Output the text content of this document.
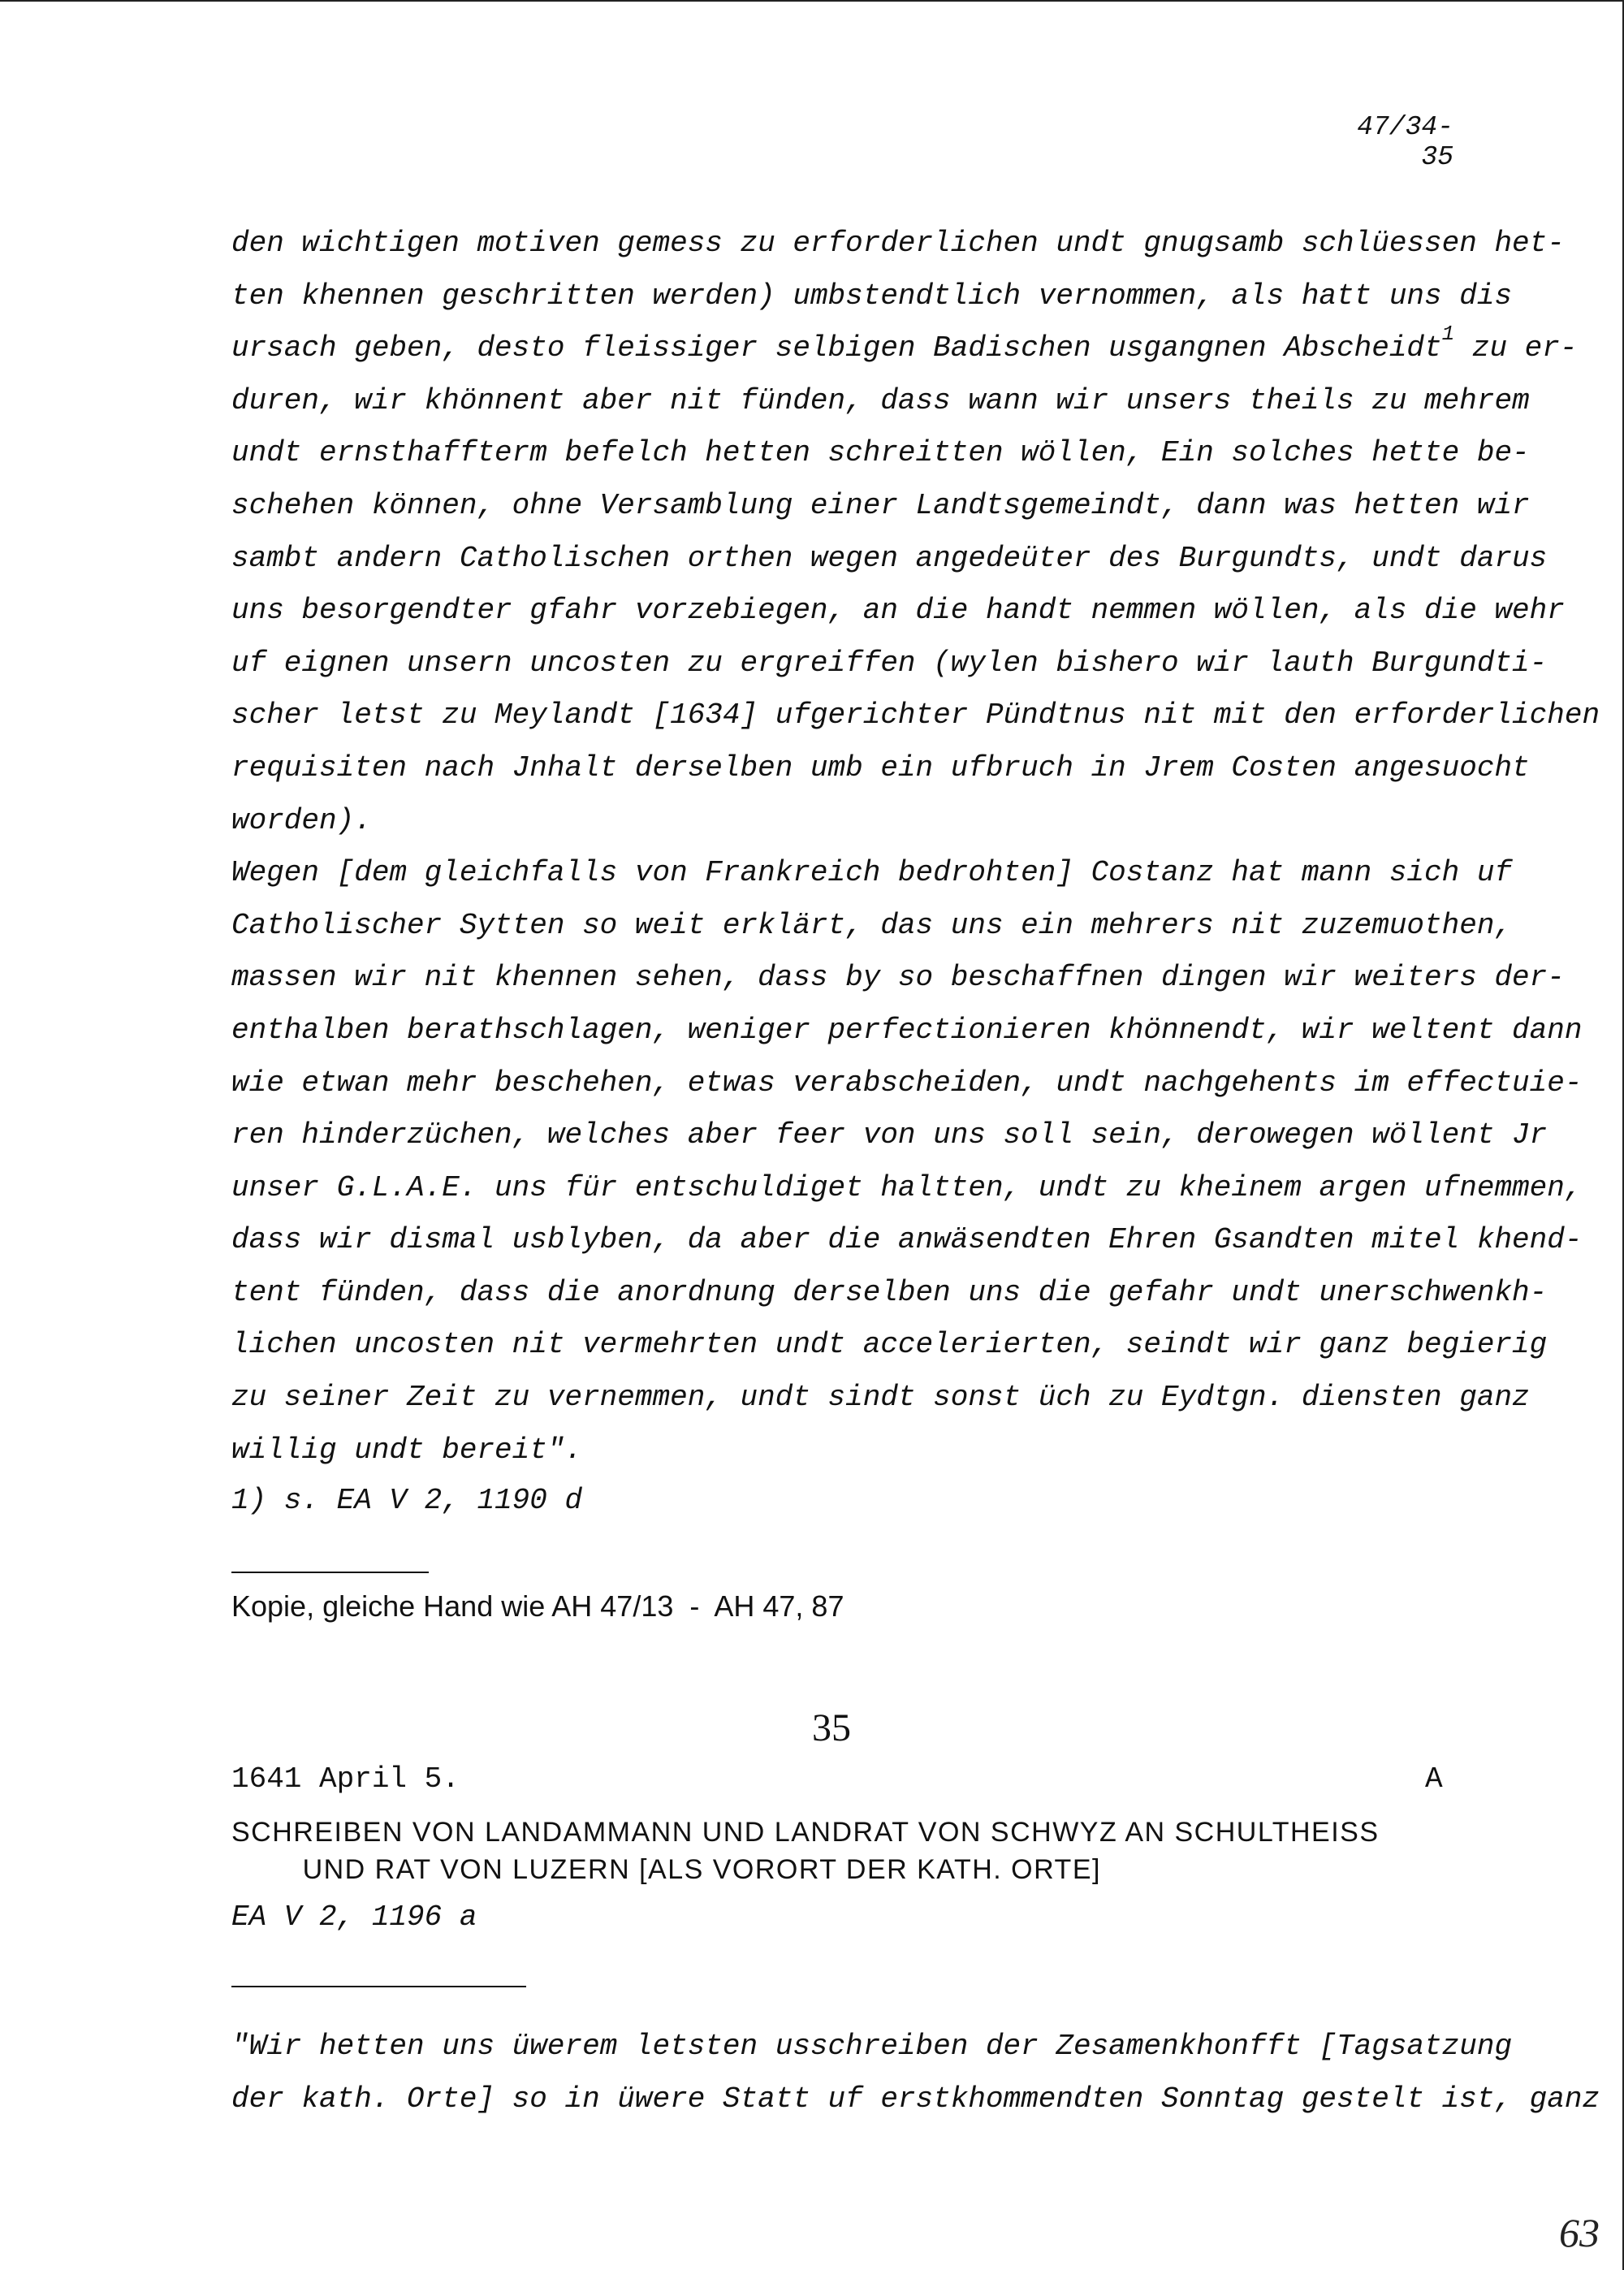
47/34-35
den wichtigen motiven gemess zu erforderlichen undt gnugsamb schlüessen het-
ten khennen geschritten werden) umbstendtlich vernommen, als hatt uns dis
ursach geben, desto fleissiger selbigen Badischen usgangnen Abscheidt$^1$ zu er-
duren, wir khönnent aber nit fünden, dass wann wir unsers theils zu mehrem
undt ernsthaffterm befelch hetten schreitten wöllen, Ein solches hette be-
schehen können, ohne Versamblung einer Landtsgemeindt, dann was hetten wir
sambt andern Catholischen orthen wegen angedeüter des Burgundts, undt darus
uns besorgendter gfahr vorzebiegen, an die handt nemmen wöllen, als die wehr
uf eignen unsern uncosten zu ergreiffen (wylen bishero wir lauth Burgundti-
scher letst zu Meylandt [1634] ufgerichter Pündtnus nit mit den erforderlichen
requisiten nach Jnhalt derselben umb ein ufbruch in Jrem Costen angesuocht
worden).
Wegen [dem gleichfalls von Frankreich bedrohten] Costanz hat mann sich uf
Catholischer Sytten so weit erklärt, das uns ein mehrers nit zuzemuothen,
massen wir nit khennen sehen, dass by so beschaffnen dingen wir weiters der-
enthalben berathschlagen, weniger perfectionieren khönnendt, wir weltent dann
wie etwan mehr beschehen, etwas verabscheiden, undt nachgehents im effectuie-
ren hinderzüchen, welches aber feer von uns soll sein, derowegen wöllent Jr
unser G.L.A.E. uns für entschuldiget haltten, undt zu kheinem argen ufnemmen,
dass wir dismal usblyben, da aber die anwäsendten Ehren Gsandten mitel khend-
tent fünden, dass die anordnung derselben uns die gefahr undt unerschwenkh-
lichen uncosten nit vermehrten undt accelerierten, seindt wir ganz begierig
zu seiner Zeit zu vernemmen, undt sindt sonst üch zu Eydtgn. diensten ganz
willig undt bereit".
1) s. EA V 2, 1190 d
Kopie, gleiche Hand wie AH 47/13  -  AH 47, 87
35
1641 April 5.	A
SCHREIBEN VON LANDAMMANN UND LANDRAT VON SCHWYZ AN SCHULTHEISS
UND RAT VON LUZERN [ALS VORORT DER KATH. ORTE]
EA V 2, 1196 a
"Wir hetten uns üwerem letsten usschreiben der Zesamenkhonfft [Tagsatzung
der kath. Orte] so in üwere Statt uf erstkhommendten Sonntag gestelt ist, ganz
63
